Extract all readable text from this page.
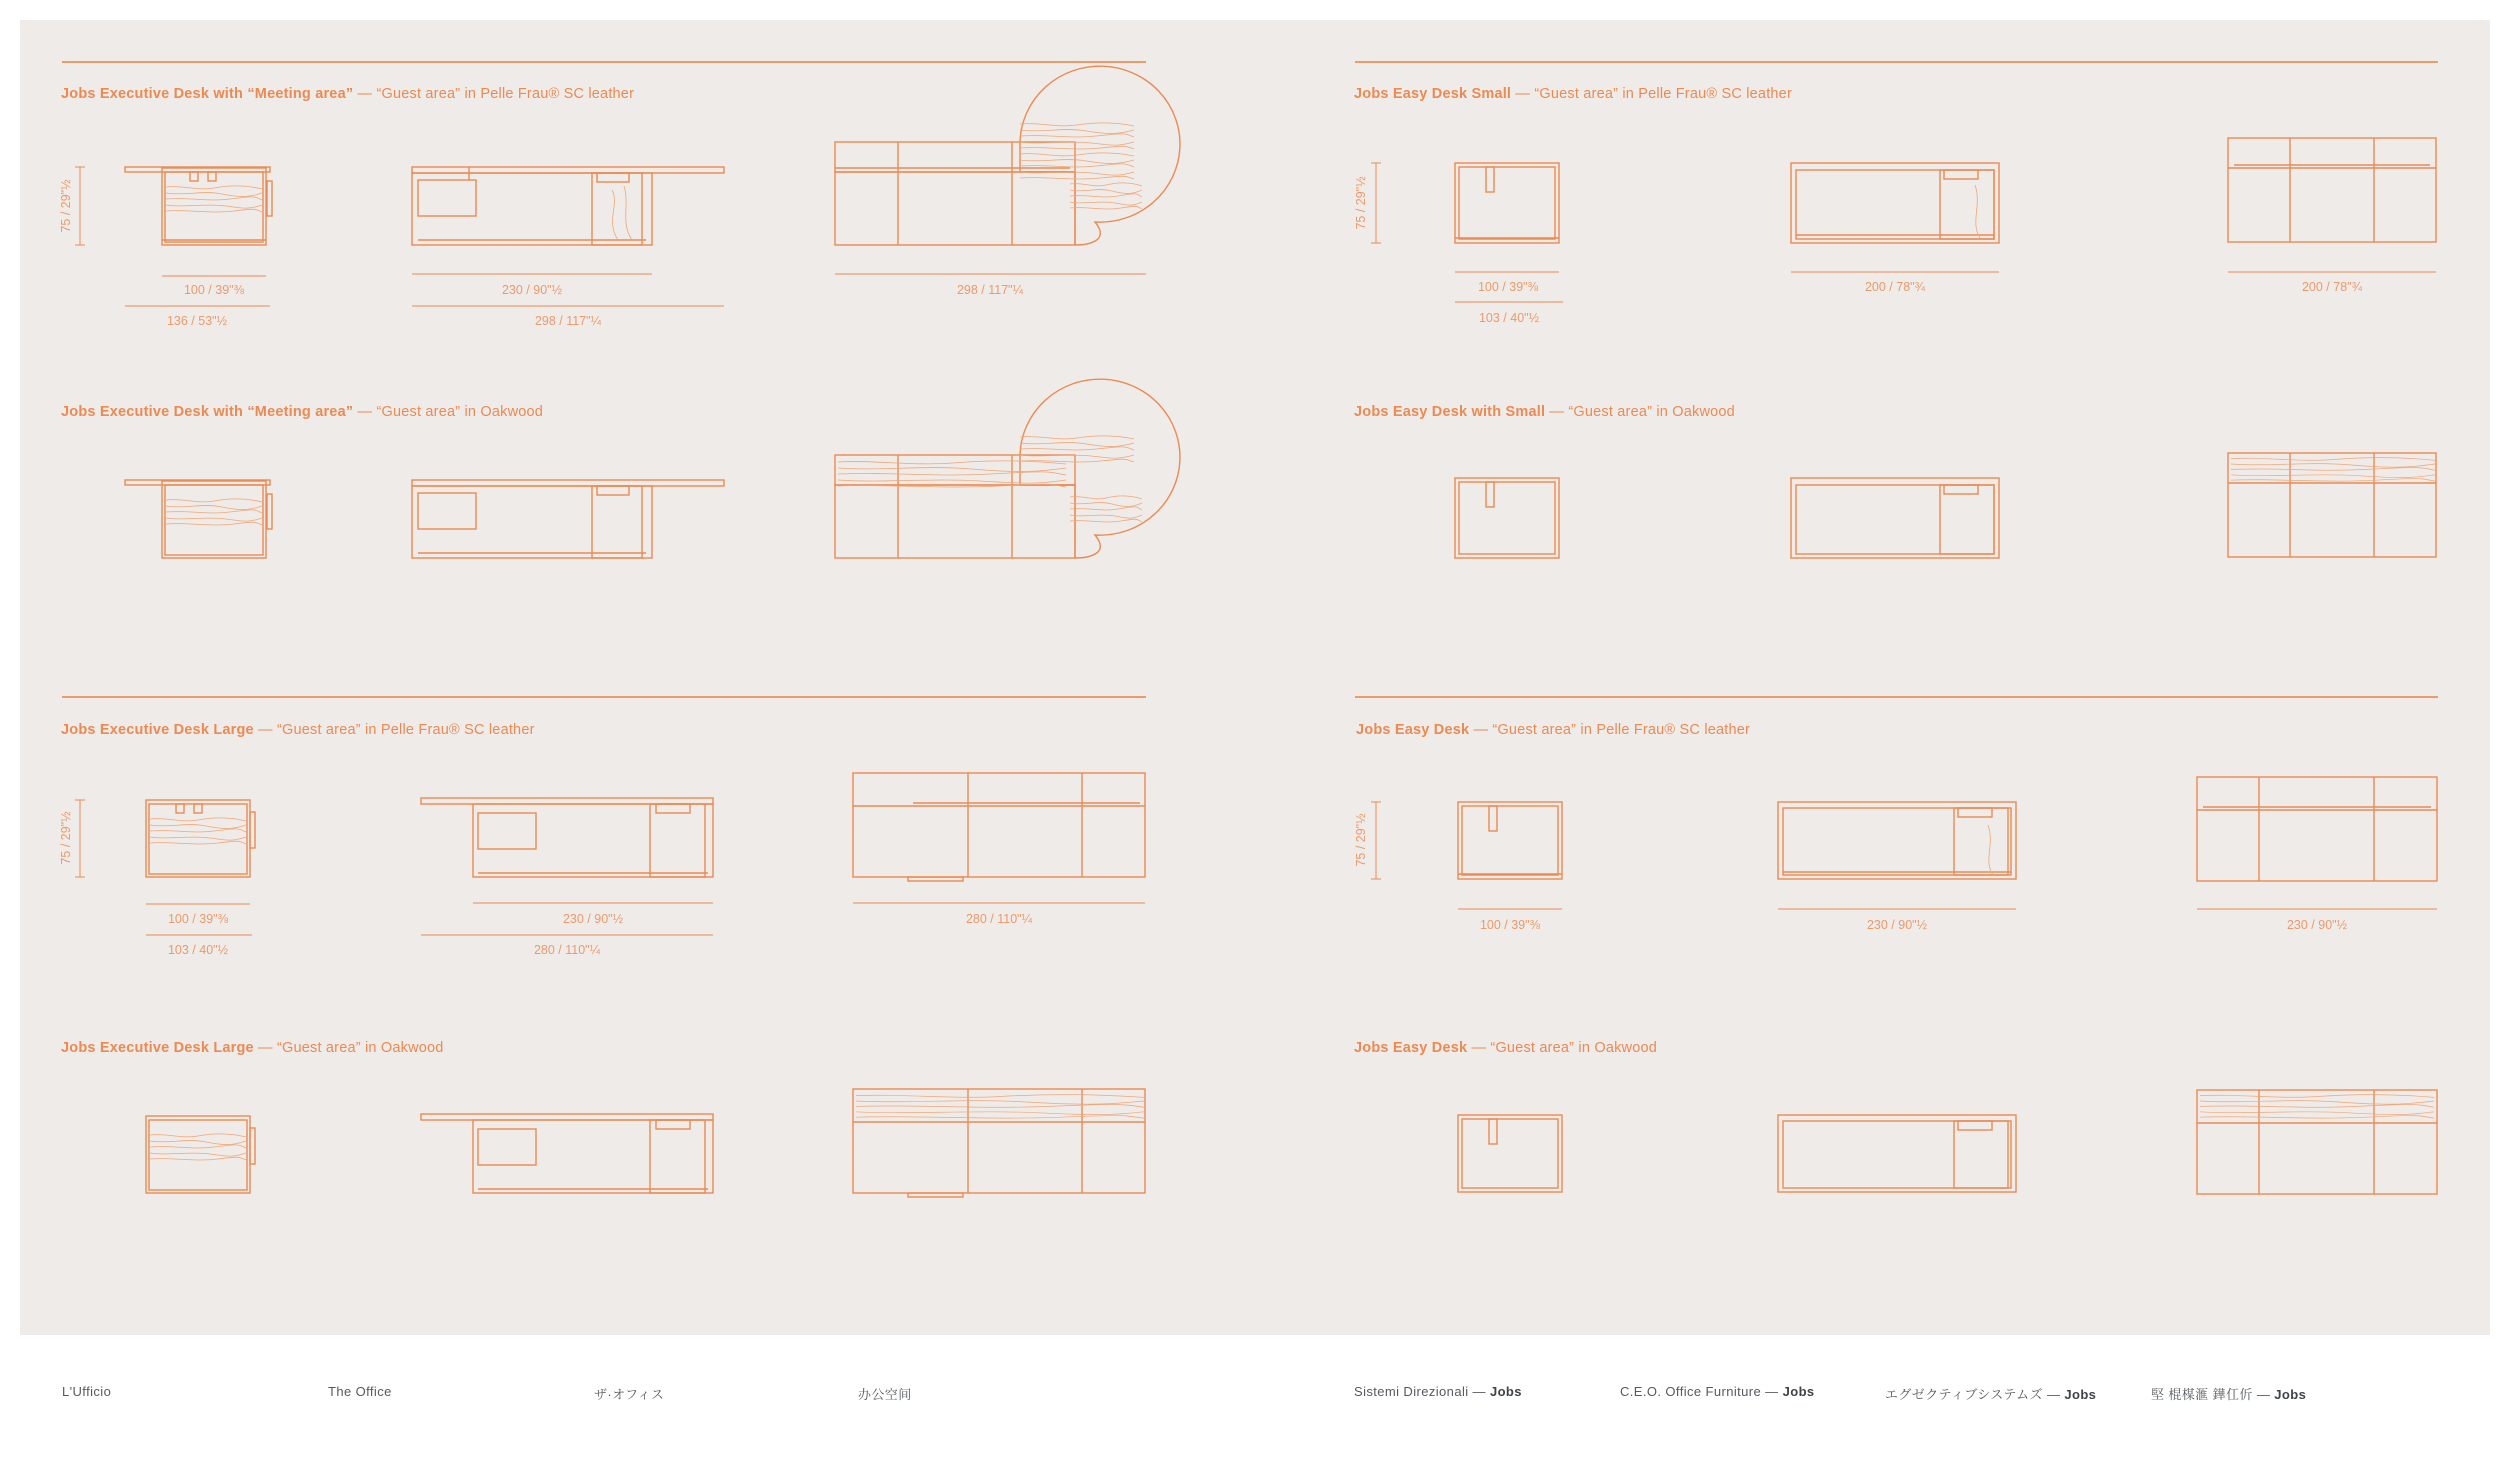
Jobs Executive Desk with “Meeting area” — “Guest area” in Pelle Frau® SC leather
Jobs Executive Desk with “Meeting area” — “Guest area” in Oakwood
Jobs Executive Desk Large — “Guest area” in Pelle Frau® SC leather
Jobs Executive Desk Large — “Guest area” in Oakwood
Jobs Easy Desk Small — “Guest area” in Pelle Frau® SC leather
Jobs Easy Desk with Small — “Guest area” in Oakwood
Jobs Easy Desk — “Guest area” in Pelle Frau® SC leather
Jobs Easy Desk — “Guest area” in Oakwood
75 / 29"½
100 / 39"⅜
136 / 53"½
230 / 90"½
298 / 117"¼
298 / 117"¼
75 / 29"½
100 / 39"⅜
103 / 40"½
230 / 90"½
280 / 110"¼
280 / 110"¼
75 / 29"½
100 / 39"⅜
103 / 40"½
200 / 78"¾	200 / 78"¾
75 / 29"½
100 / 39"⅜	230 / 90"½	230 / 90"½
L'Ufficio	The Office	ザ·オフィス	办公空间	Sistemi Direzionali — Jobs	C.E.O. Office Furniture — Jobs	エグゼクティブシステムズ — Jobs	堅 棍楳滙 鏵仜伒 — Jobs
